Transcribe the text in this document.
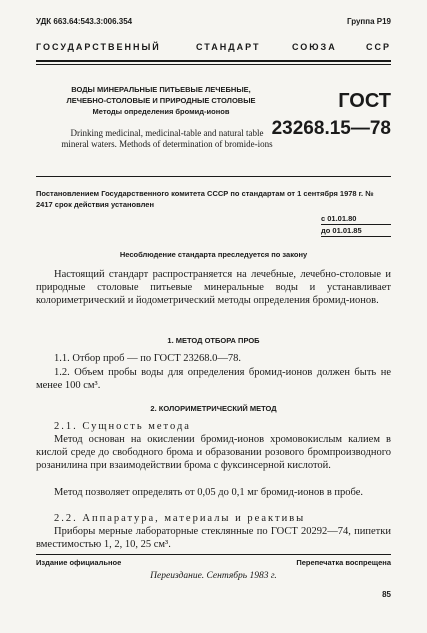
УДК 663.64:543.3:006.354	Группа Р19
ГОСУДАРСТВЕННЫЙ	СТАНДАРТ	СОЮЗА	ССР
ВОДЫ МИНЕРАЛЬНЫЕ ПИТЬЕВЫЕ ЛЕЧЕБНЫЕ,
ЛЕЧЕБНО-СТОЛОВЫЕ И ПРИРОДНЫЕ СТОЛОВЫЕ
Методы определения бромид-ионов	ГОСТ
23268.15—78
Drinking medicinal, medicinal-table and natural table
mineral waters. Methods of determination of bromide-ions
Постановлением Государственного комитета СССР по стандартам от 1 сентября 1978 г. № 2417 срок действия установлен
с 01.01.80
до 01.01.85
Несоблюдение стандарта преследуется по закону
Настоящий стандарт распространяется на лечебные, лечебно-столовые и природные столовые питьевые минеральные воды и устанавливает колориметрический и йодометрический методы определения бромид-ионов.
1. МЕТОД ОТБОРА ПРОБ
1.1. Отбор проб — по ГОСТ 23268.0—78.
1.2. Объем пробы воды для определения бромид-ионов должен быть не менее 100 см³.
2. КОЛОРИМЕТРИЧЕСКИЙ МЕТОД
2.1. Сущность метода
Метод основан на окислении бромид-ионов хромовокислым калием в кислой среде до свободного брома и образовании розового бромпроизводного розанилина при взаимодействии брома с фуксинсерной кислотой.
Метод позволяет определять от 0,05 до 0,1 мг бромид-ионов в пробе.
2.2. Аппаратура, материалы и реактивы
Приборы мерные лабораторные стеклянные по ГОСТ 20292—74, пипетки вместимостью 1, 2, 10, 25 см³.
Издание официальное	Перепечатка воспрещена
Переиздание. Сентябрь 1983 г.
85
